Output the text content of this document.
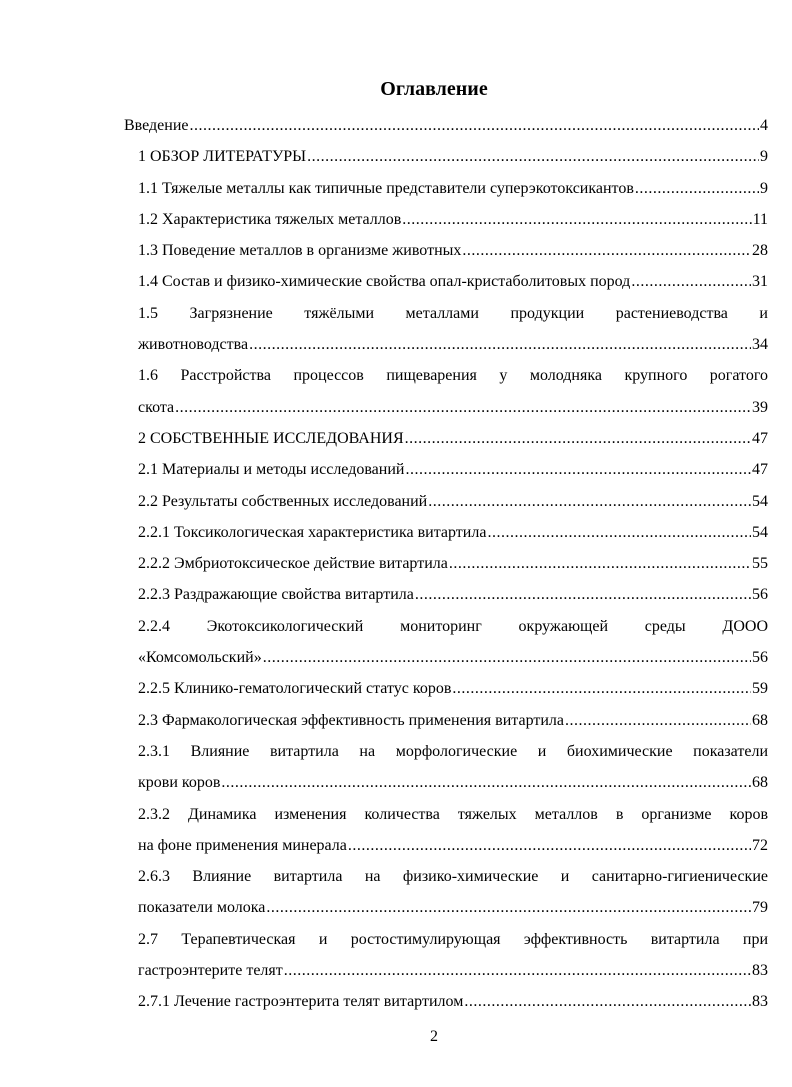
Оглавление
Введение .....	4
1 ОБЗОР ЛИТЕРАТУРЫ .....	9
1.1 Тяжелые металлы как типичные представители суперэкотоксикантов .....	9
1.2 Характеристика тяжелых металлов .....	11
1.3 Поведение металлов в организме животных .....	28
1.4 Состав и физико-химические свойства опал-кристаболитовых пород .....	31
1.5 Загрязнение тяжёлыми металлами продукции растениеводства и
животноводства .....	34
1.6 Расстройства процессов пищеварения у молодняка крупного рогатого
скота .....	39
2 СОБСТВЕННЫЕ ИССЛЕДОВАНИЯ .....	47
2.1 Материалы и методы исследований .....	47
2.2 Результаты собственных исследований .....	54
2.2.1 Токсикологическая характеристика витартила .....	54
2.2.2 Эмбриотоксическое действие витартила .....	55
2.2.3 Раздражающие свойства витартила .....	56
2.2.4 Экотоксикологический мониторинг окружающей среды ДООО
«Комсомольский» .....	56
2.2.5 Клинико-гематологический статус коров .....	59
2.3 Фармакологическая эффективность применения витартила .....	68
2.3.1 Влияние витартила на морфологические и биохимические показатели
крови коров .....	68
2.3.2 Динамика изменения количества тяжелых металлов в организме коров
на фоне применения минерала .....	72
2.6.3 Влияние витартила на физико-химические и санитарно-гигиенические
показатели молока .....	79
2.7 Терапевтическая и ростостимулирующая эффективность витартила при
гастроэнтерите телят .....	83
2.7.1 Лечение гастроэнтерита телят витартилом .....	83
2
